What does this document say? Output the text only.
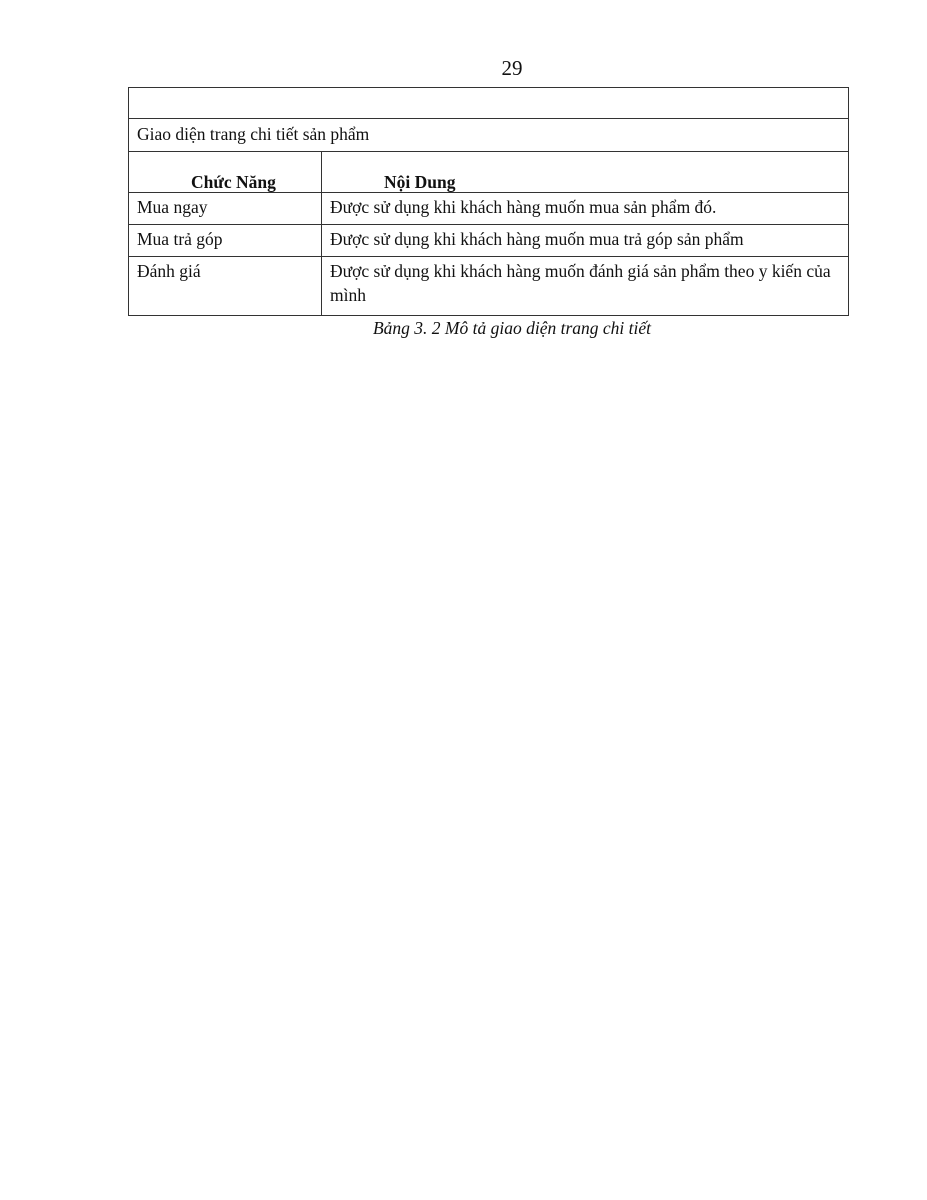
29

Giao diện trang chi tiết sản phẩm	
Chức Năng	Nội Dung
Mua ngay	Được sử dụng khi khách hàng muốn mua sản phẩm đó.
Mua trả góp	Được sử dụng khi khách hàng muốn mua trả góp sản phẩm
Đánh giá	Được sử dụng khi khách hàng muốn đánh giá sản phẩm theo y kiến của mình
Bảng 3. 2 Mô tả giao diện trang chi tiết
